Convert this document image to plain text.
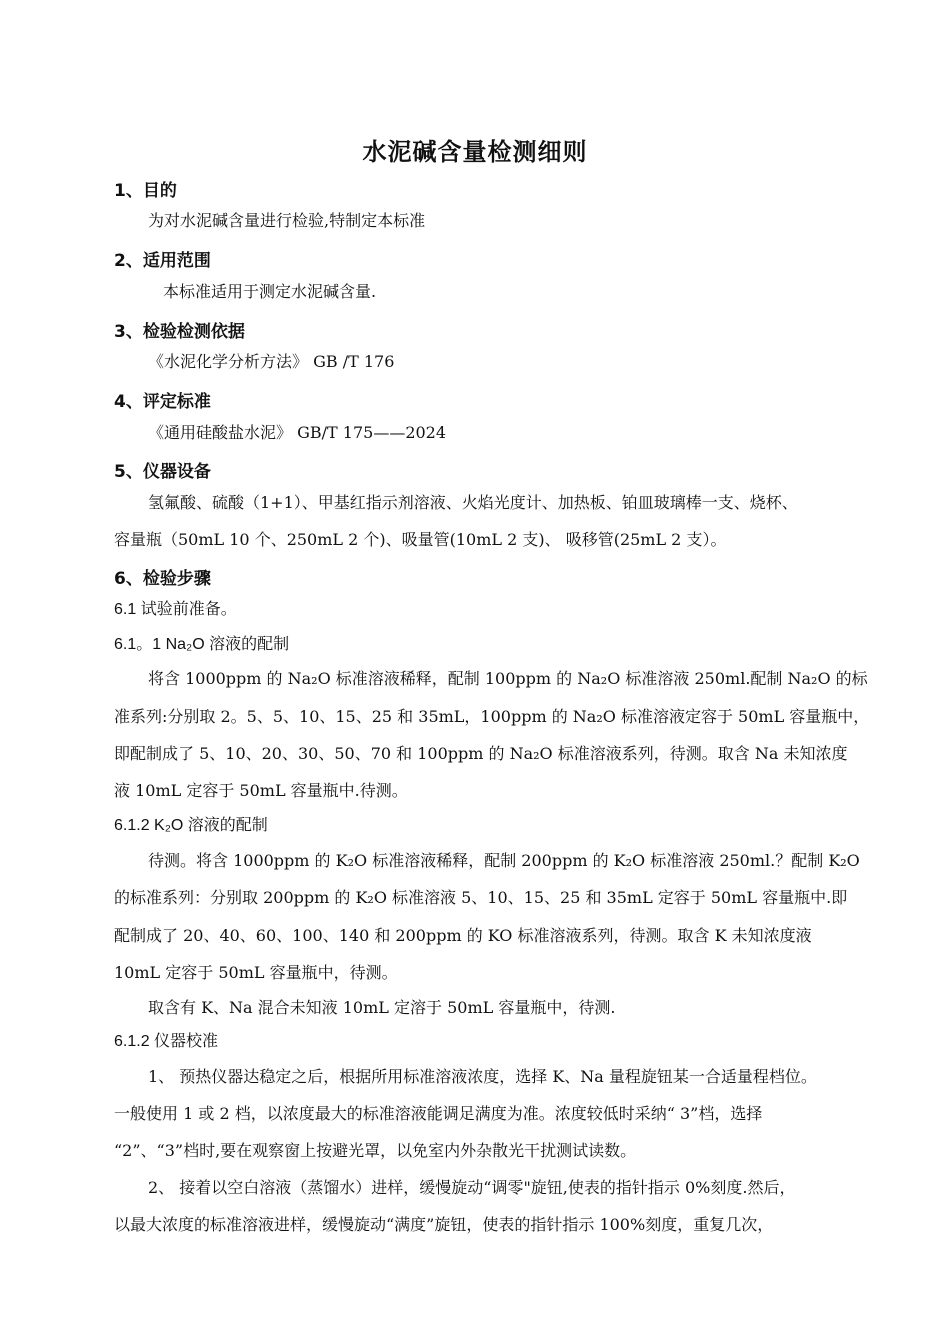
水泥碱含量检测细则
1、目的
为对水泥碱含量进行检验,特制定本标准
2、适用范围
本标准适用于测定水泥碱含量.
3、检验检测依据
《水泥化学分析方法》 GB /T 176
4、评定标准
《通用硅酸盐水泥》 GB/T 175——2024
5、仪器设备
氢氟酸、硫酸（1+1）、甲基红指示剂溶液、火焰光度计、加热板、铂皿玻璃棒一支、烧杯、
容量瓶（50mL 10 个、250mL 2 个)、吸量管(10mL 2 支)、 吸移管(25mL 2 支）。
6、检验步骤
6.1 试验前准备。
6.1。1 Na₂O 溶液的配制
将含 1000ppm 的 Na₂O 标准溶液稀释，配制 100ppm 的 Na₂O 标准溶液 250ml.配制 Na₂O 的标
准系列:分别取 2。5、5、10、15、25 和 35mL，100ppm 的 Na₂O 标准溶液定容于 50mL 容量瓶中，
即配制成了 5、10、20、30、50、70 和 100ppm 的 Na₂O 标准溶液系列，待测。取含 Na 未知浓度
液 10mL 定容于 50mL 容量瓶中.待测。
6.1.2 K₂O 溶液的配制
待测。将含 1000ppm 的 K₂O 标准溶液稀释，配制 200ppm 的 K₂O 标准溶液 250ml.？配制 K₂O
的标准系列：分别取 200ppm 的 K₂O 标准溶液 5、10、15、25 和 35mL 定容于 50mL 容量瓶中.即
配制成了 20、40、60、100、140 和 200ppm 的 KO 标准溶液系列，待测。取含 K 未知浓度液
10mL 定容于 50mL 容量瓶中，待测。
取含有 K、Na 混合未知液 10mL 定溶于 50mL 容量瓶中，待测.
6.1.2 仪器校准
1、 预热仪器达稳定之后，根据所用标准溶液浓度，选择 K、Na 量程旋钮某一合适量程档位。
一般使用 1 或 2 档，以浓度最大的标准溶液能调足满度为准。浓度较低时采纳“ 3”档，选择
“2”、“3”档时,要在观察窗上按避光罩，以免室内外杂散光干扰测试读数。
2、 接着以空白溶液（蒸馏水）进样，缓慢旋动“调零"旋钮,使表的指针指示 0%刻度.然后，
以最大浓度的标准溶液进样，缓慢旋动“满度”旋钮，使表的指针指示 100%刻度，重复几次，
